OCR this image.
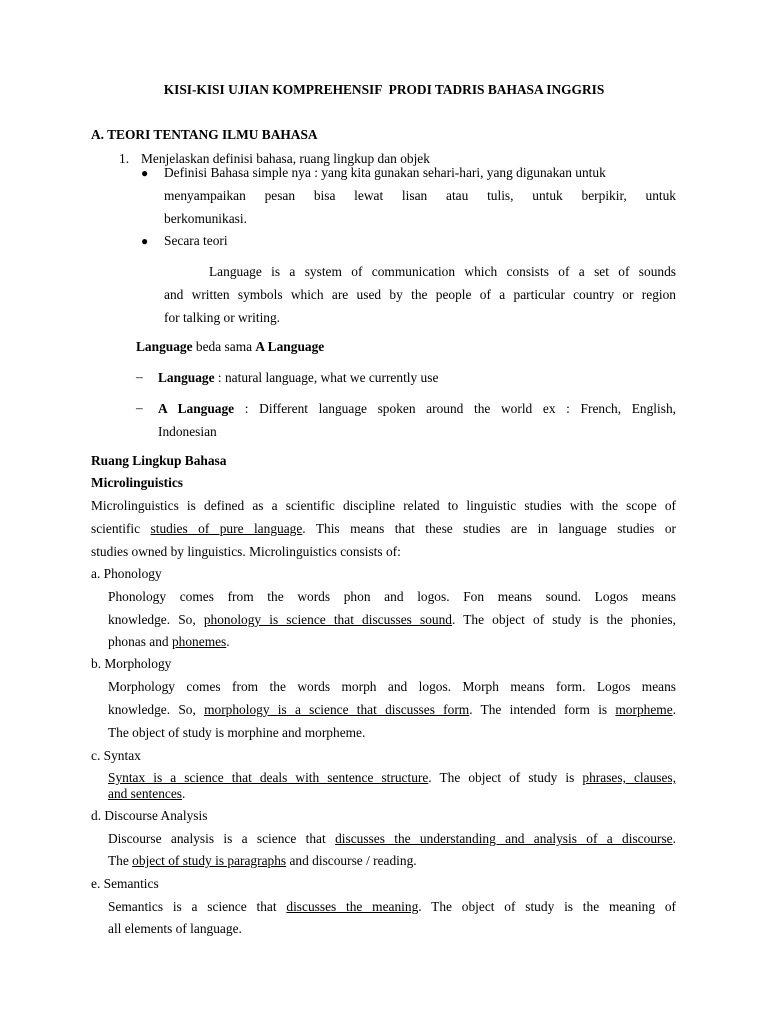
KISI-KISI UJIAN KOMPREHENSIF  PRODI TADRIS BAHASA INGGRIS
A. TEORI TENTANG ILMU BAHASA
1. Menjelaskan definisi bahasa, ruang lingkup dan objek
● Definisi Bahasa simple nya : yang kita gunakan sehari-hari, yang digunakan untuk
menyampaikan pesan bisa lewat lisan atau tulis, untuk berpikir, untuk
berkomunikasi.
● Secara teori
Language is a system of communication which consists of a set of sounds
and written symbols which are used by the people of a particular country or region
for talking or writing.
Language beda sama A Language
– Language : natural language, what we currently use
– A Language : Different language spoken around the world ex : French, English,
Indonesian
Ruang Lingkup Bahasa
Microlinguistics
Microlinguistics is defined as a scientific discipline related to linguistic studies with the scope of
scientific studies of pure language. This means that these studies are in language studies or
studies owned by linguistics. Microlinguistics consists of:
a. Phonology
Phonology comes from the words phon and logos. Fon means sound. Logos means
knowledge. So, phonology is science that discusses sound. The object of study is the phonies,
phonas and phonemes.
b. Morphology
Morphology comes from the words morph and logos. Morph means form. Logos means
knowledge. So, morphology is a science that discusses form. The intended form is morpheme.
The object of study is morphine and morpheme.
c. Syntax
Syntax is a science that deals with sentence structure. The object of study is phrases, clauses,
and sentences.
d. Discourse Analysis
Discourse analysis is a science that discusses the understanding and analysis of a discourse.
The object of study is paragraphs and discourse / reading.
e. Semantics
Semantics is a science that discusses the meaning. The object of study is the meaning of
all elements of language.
